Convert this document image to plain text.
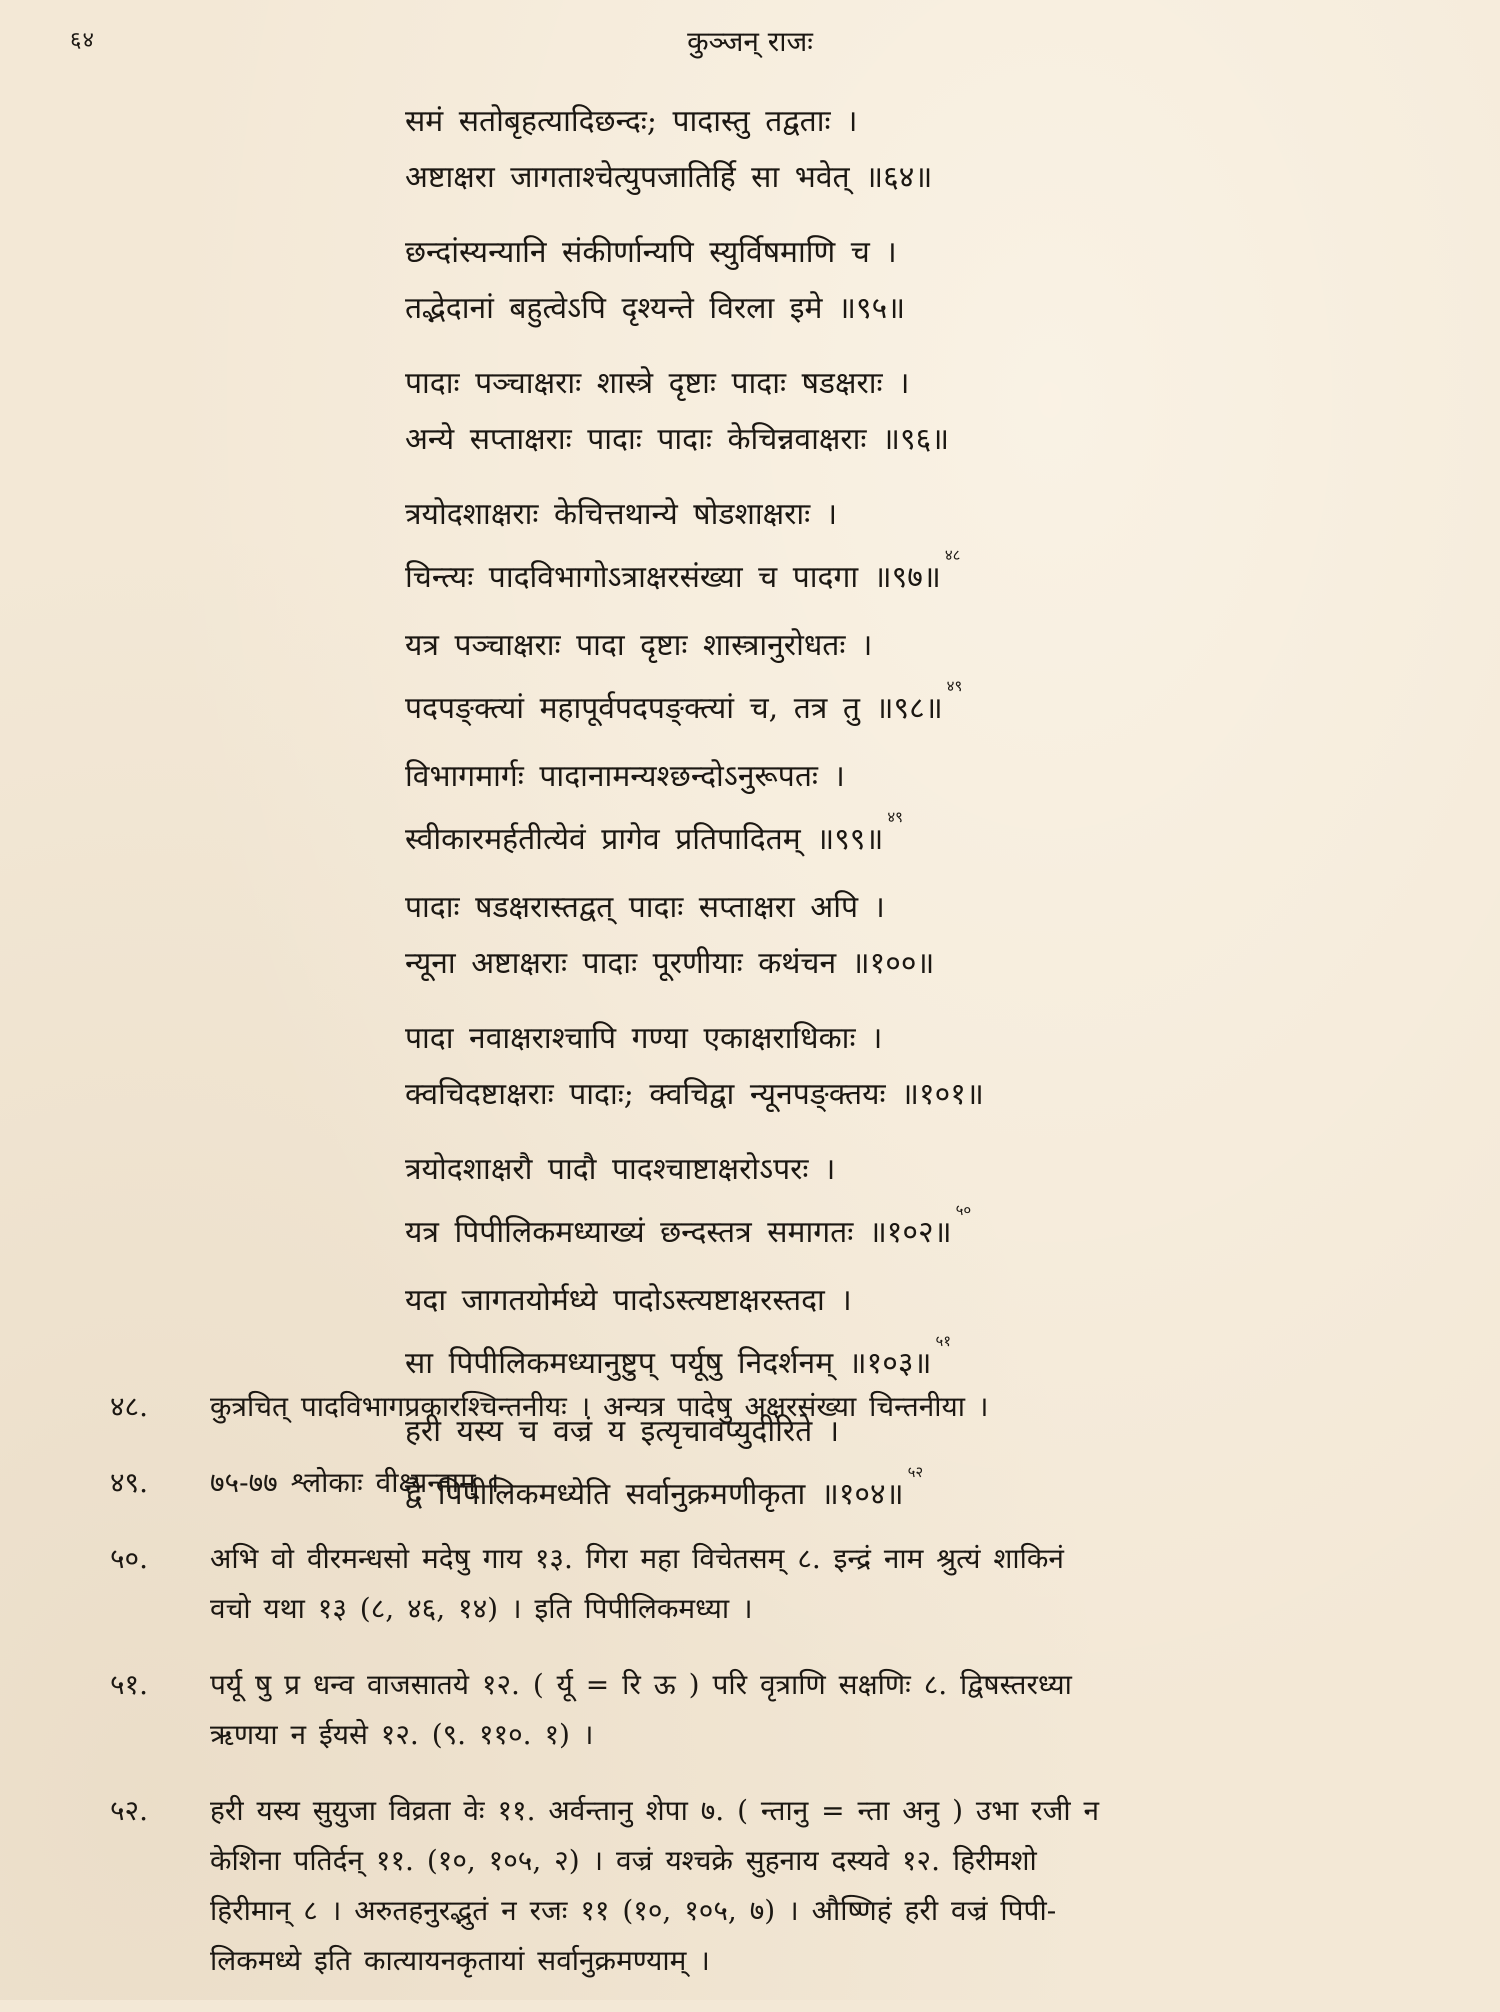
६४	कुञ्जन् राजः
समं सतोबृहत्यादिछन्दः; पादास्तु तद्वताः ।
अष्टाक्षरा जागताश्चेत्युपजातिर्हि सा भवेत् ॥६४॥
छन्दांस्यन्यानि संकीर्णान्यपि स्युर्विषमाणि च ।
तद्भेदानां बहुत्वेऽपि दृश्यन्ते विरला इमे ॥९५॥
पादाः पञ्चाक्षराः शास्त्रे दृष्टाः पादाः षडक्षराः ।
अन्ये सप्ताक्षराः पादाः पादाः केचिन्नवाक्षराः ॥९६॥
त्रयोदशाक्षराः केचित्तथान्ये षोडशाक्षराः ।
चिन्त्यः पादविभागोऽत्राक्षरसंख्या च पादगा ॥९७॥$^{४८}$
यत्र पञ्चाक्षराः पादा दृष्टाः शास्त्रानुरोधतः ।
पदपङ्क्त्यां महापूर्वपदपङ्क्त्यां च, तत्र तु ॥९८॥$^{४९}$
विभागमार्गः पादानामन्यश्छन्दोऽनुरूपतः ।
स्वीकारमर्हतीत्येवं प्रागेव प्रतिपादितम् ॥९९॥$^{४९}$
पादाः षडक्षरास्तद्वत् पादाः सप्ताक्षरा अपि ।
न्यूना अष्टाक्षराः पादाः पूरणीयाः कथंचन ॥१००॥
पादा नवाक्षराश्चापि गण्या एकाक्षराधिकाः ।
क्वचिदष्टाक्षराः पादाः; क्वचिद्वा न्यूनपङ्क्तयः ॥१०१॥
त्रयोदशाक्षरौ पादौ पादश्चाष्टाक्षरोऽपरः ।
यत्र पिपीलिकमध्याख्यं छन्दस्तत्र समागतः ॥१०२॥$^{५०}$
यदा जागतयोर्मध्ये पादोऽस्त्यष्टाक्षरस्तदा ।
सा पिपीलिकमध्यानुष्टुप् पर्यूषु निदर्शनम् ॥१०३॥$^{५१}$
हरी यस्य च वज्रं य इत्यृचावप्युदीरिते ।
द्वे पिपीलिकमध्येति सर्वानुक्रमणीकृता ॥१०४॥$^{५२}$
४८. कुत्रचित् पादविभागप्रकारश्चिन्तनीयः । अन्यत्र पादेषु अक्षरसंख्या चिन्तनीया ।
४९. ७५-७७ श्लोकाः वीक्ष्यन्ताम् ।
५०. अभि वो वीरमन्धसो मदेषु गाय १३. गिरा महा विचेतसम् ८. इन्द्रं नाम श्रुत्यं शाकिनं
वचो यथा १३ (८, ४६, १४) । इति पिपीलिकमध्या ।
५१. पर्यू षु प्र धन्व वाजसातये १२. ( र्यू = रि ऊ ) परि वृत्राणि सक्षणिः ८. द्विषस्तरध्या
ऋणया न ईयसे १२. (९. ११०. १) ।
५२. हरी यस्य सुयुजा विव्रता वेः ११. अर्वन्तानु शेपा ७. ( न्तानु = न्ता अनु ) उभा रजी न
केशिना पतिर्दन् ११. (१०, १०५, २) । वज्रं यश्चक्रे सुहनाय दस्यवे १२. हिरीमशो
हिरीमान् ८ । अरुतहनुरद्भुतं न रजः ११ (१०, १०५, ७) । औष्णिहं हरी वज्रं पिपी-
लिकमध्ये इति कात्यायनकृतायां सर्वानुक्रमण्याम् ।
